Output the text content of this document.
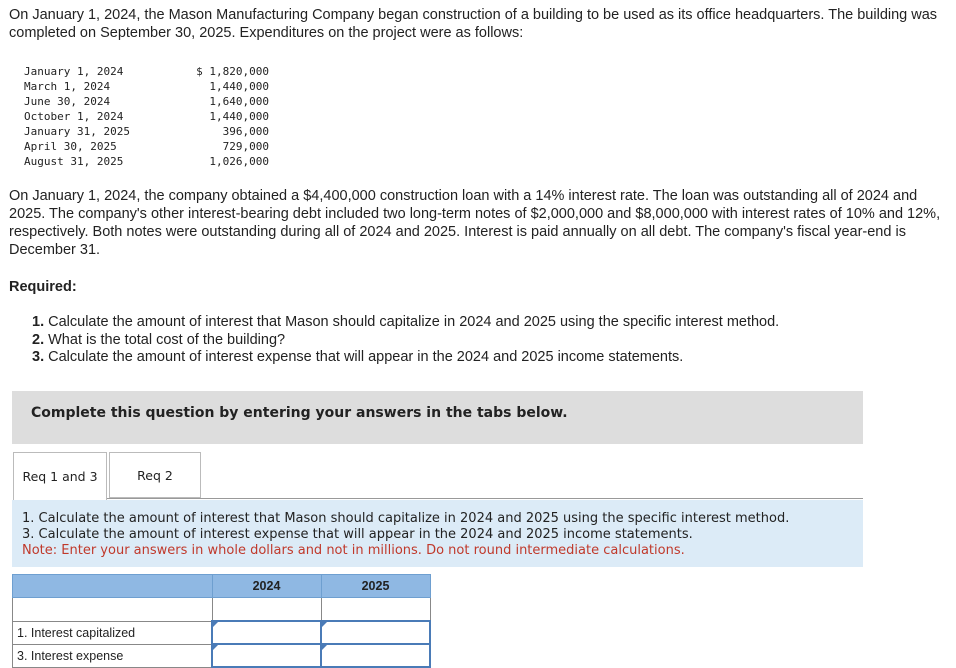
On January 1, 2024, the Mason Manufacturing Company began construction of a building to be used as its office headquarters. The building was completed on September 30, 2025. Expenditures on the project were as follows:

January 1, 2024	$ 1,820,000
March 1, 2024	1,440,000
June 30, 2024	1,640,000
October 1, 2024	1,440,000
January 31, 2025	396,000
April 30, 2025	729,000
August 31, 2025	1,026,000

On January 1, 2024, the company obtained a $4,400,000 construction loan with a 14% interest rate. The loan was outstanding all of 2024 and 2025. The company's other interest-bearing debt included two long-term notes of $2,000,000 and $8,000,000 with interest rates of 10% and 12%, respectively. Both notes were outstanding during all of 2024 and 2025. Interest is paid annually on all debt. The company's fiscal year-end is December 31.

Required:

1. Calculate the amount of interest that Mason should capitalize in 2024 and 2025 using the specific interest method.
2. What is the total cost of the building?
3. Calculate the amount of interest expense that will appear in the 2024 and 2025 income statements.
Complete this question by entering your answers in the tabs below.
Req 1 and 3	Req 2
1. Calculate the amount of interest that Mason should capitalize in 2024 and 2025 using the specific interest method.
3. Calculate the amount of interest expense that will appear in the 2024 and 2025 income statements.
Note: Enter your answers in whole dollars and not in millions. Do not round intermediate calculations.
	2024	2025

1. Interest capitalized		
3. Interest expense		
